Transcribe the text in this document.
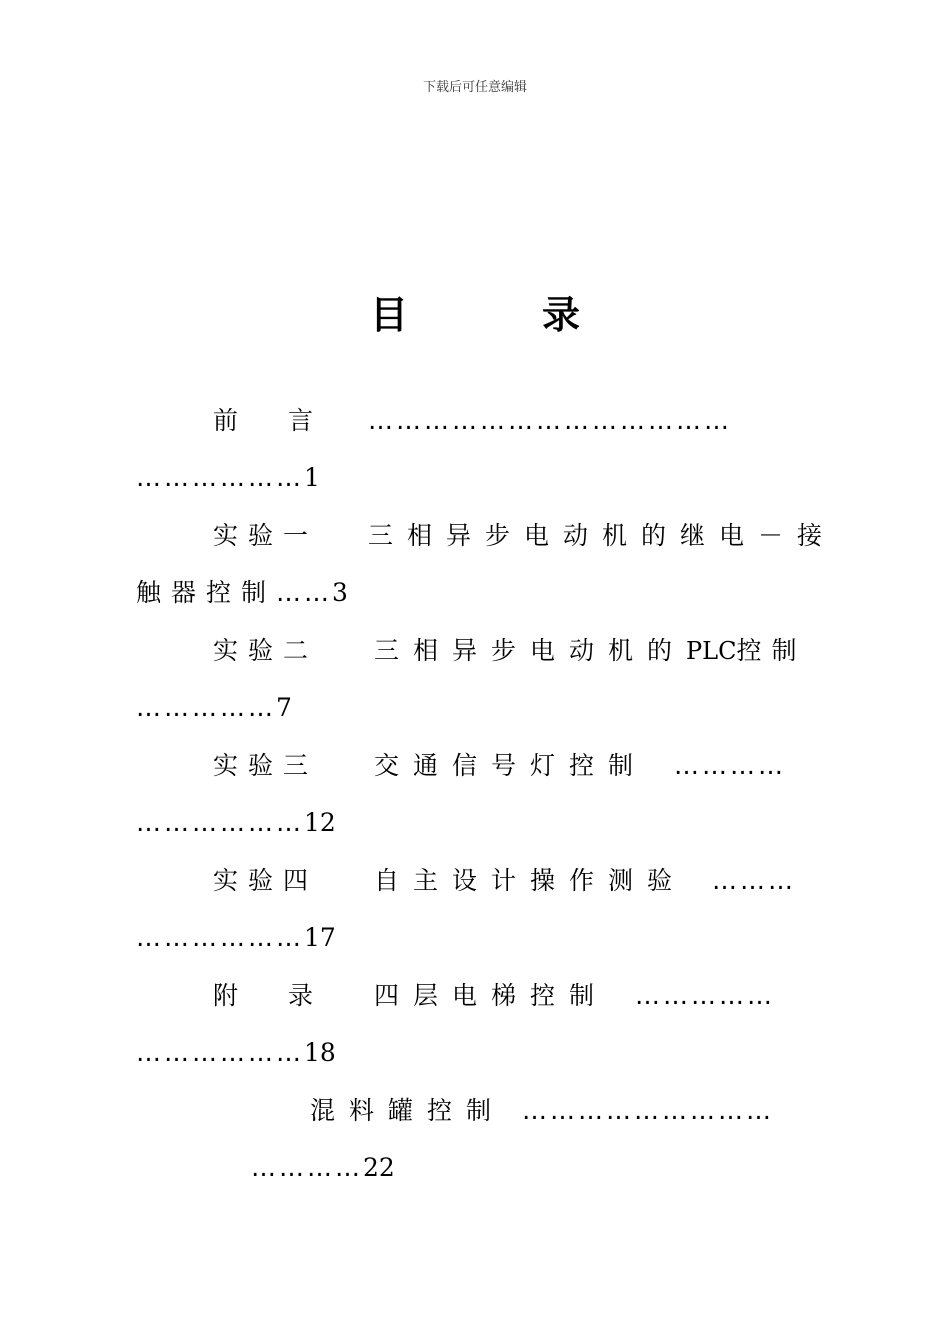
下载后可任意编辑
目　录
前　　言 …………………………………
………………1
实验一 三相异步电动机的继电－接
触器控制……3
实验二 三相异步电动机的PLC控制
……………7
实验三 交通信号灯控制 …………
………………12
实验四 自主设计操作测验 ………
………………17
附　　录 四层电梯控制 ……………
………………18
混料罐控制 ………………………
…………22
